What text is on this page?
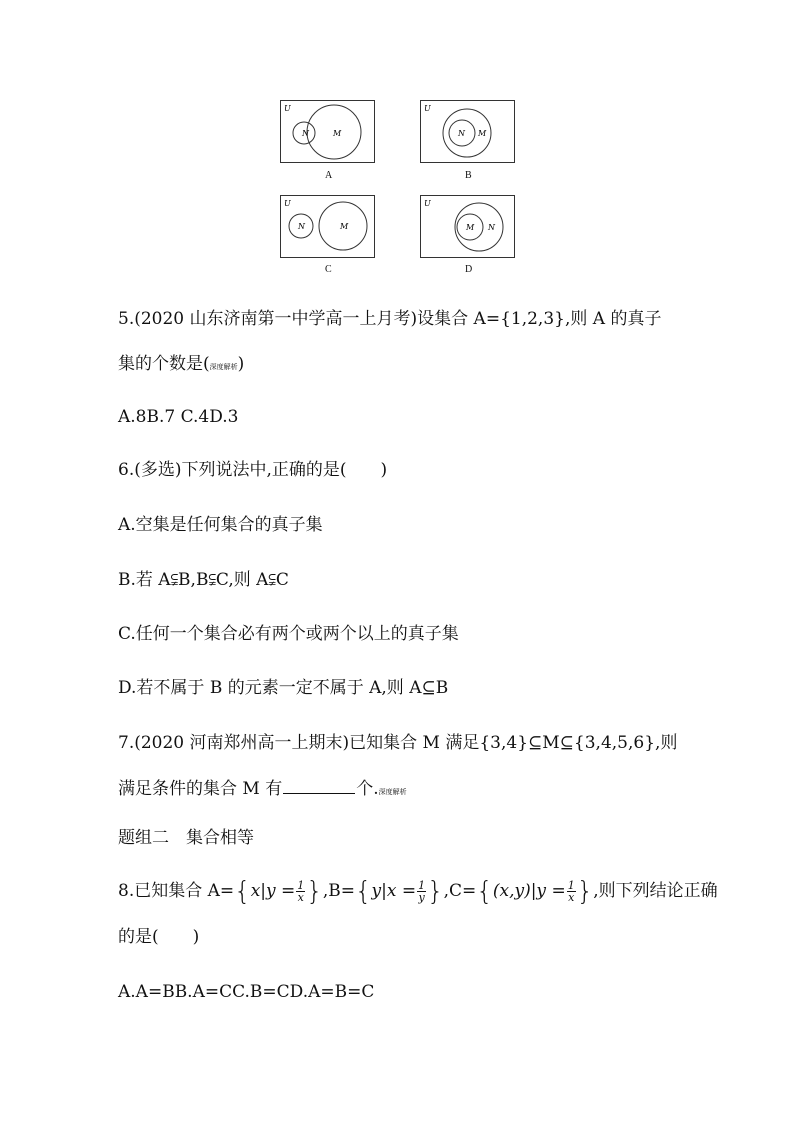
U
N	M
A
U
N M
B
U
N	M
C
U
M N
D
5.(2020 山东济南第一中学高一上月考)设集合 A={1,2,3},则 A 的真子
集的个数是(深度解析)
A.8B.7 C.4D.3
6.(多选)下列说法中,正确的是(　　)
A.空集是任何集合的真子集
B.若 A⫋B,B⫋C,则 A⫋C
C.任何一个集合必有两个或两个以上的真子集
D.若不属于 B 的元素一定不属于 A,则 A⊆B
7.(2020 河南郑州高一上期末)已知集合 M 满足{3,4}⊆M⊆{3,4,5,6},则
满足条件的集合 M 有	个.深度解析
题组二　集合相等
8.已知集合 $A=\{x|y = \frac{1}{x} \},B=\{y|x = \frac{1}{y} \},C=\{(x,y)|y = \frac{1}{x}$ },则下列结论正确
的是(　　)
A.A=BB.A=CC.B=CD.A=B=C
